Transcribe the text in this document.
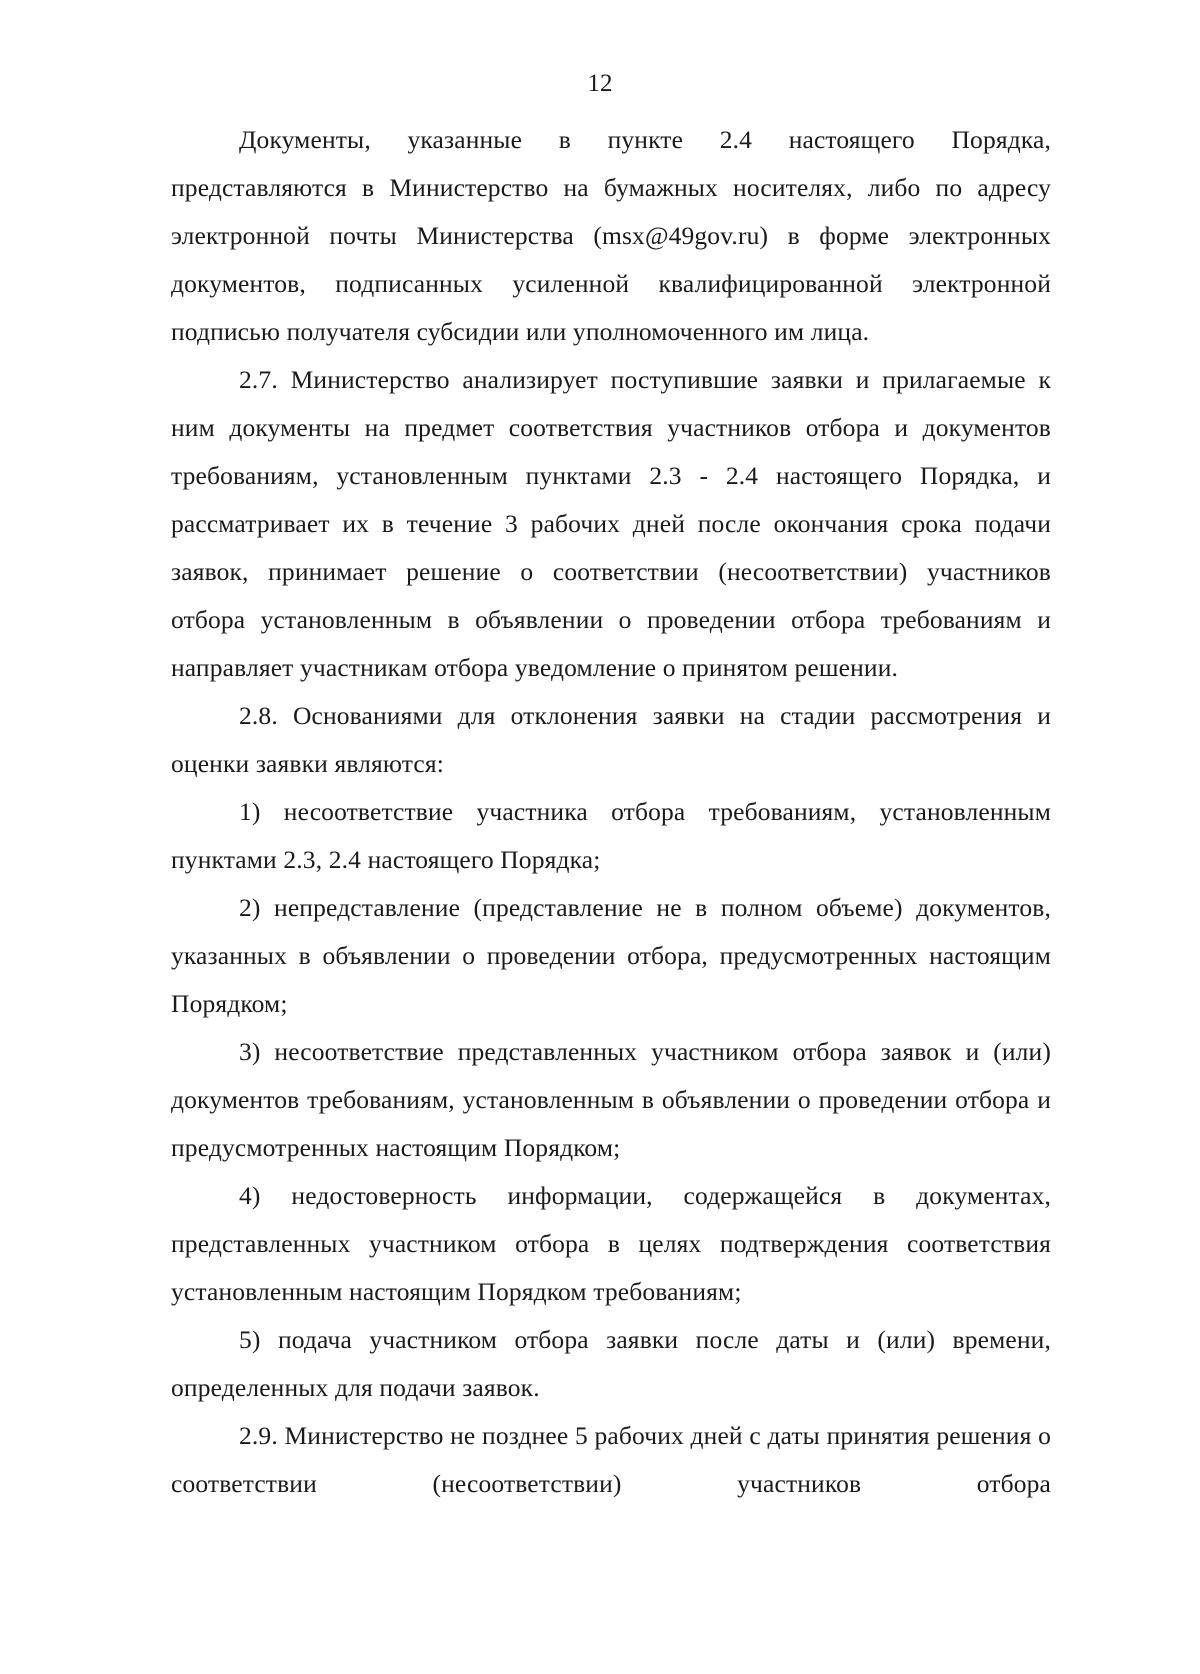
12

Документы, указанные в пункте 2.4 настоящего Порядка, представляются в Министерство на бумажных носителях, либо по адресу электронной почты Министерства (msx@49gov.ru) в форме электронных документов, подписанных усиленной квалифицированной электронной подписью получателя субсидии или уполномоченного им лица.

2.7. Министерство анализирует поступившие заявки и прилагаемые к ним документы на предмет соответствия участников отбора и документов требованиям, установленным пунктами 2.3 - 2.4 настоящего Порядка, и рассматривает их в течение 3 рабочих дней после окончания срока подачи заявок, принимает решение о соответствии (несоответствии) участников отбора установленным в объявлении о проведении отбора требованиям и направляет участникам отбора уведомление о принятом решении.

2.8. Основаниями для отклонения заявки на стадии рассмотрения и оценки заявки являются:

1) несоответствие участника отбора требованиям, установленным пунктами 2.3, 2.4 настоящего Порядка;

2) непредставление (представление не в полном объеме) документов, указанных в объявлении о проведении отбора, предусмотренных настоящим Порядком;

3) несоответствие представленных участником отбора заявок и (или) документов требованиям, установленным в объявлении о проведении отбора и предусмотренных настоящим Порядком;

4) недостоверность информации, содержащейся в документах, представленных участником отбора в целях подтверждения соответствия установленным настоящим Порядком требованиям;

5) подача участником отбора заявки после даты и (или) времени, определенных для подачи заявок.

2.9. Министерство не позднее 5 рабочих дней с даты принятия решения о соответствии (несоответствии) участников отбора
